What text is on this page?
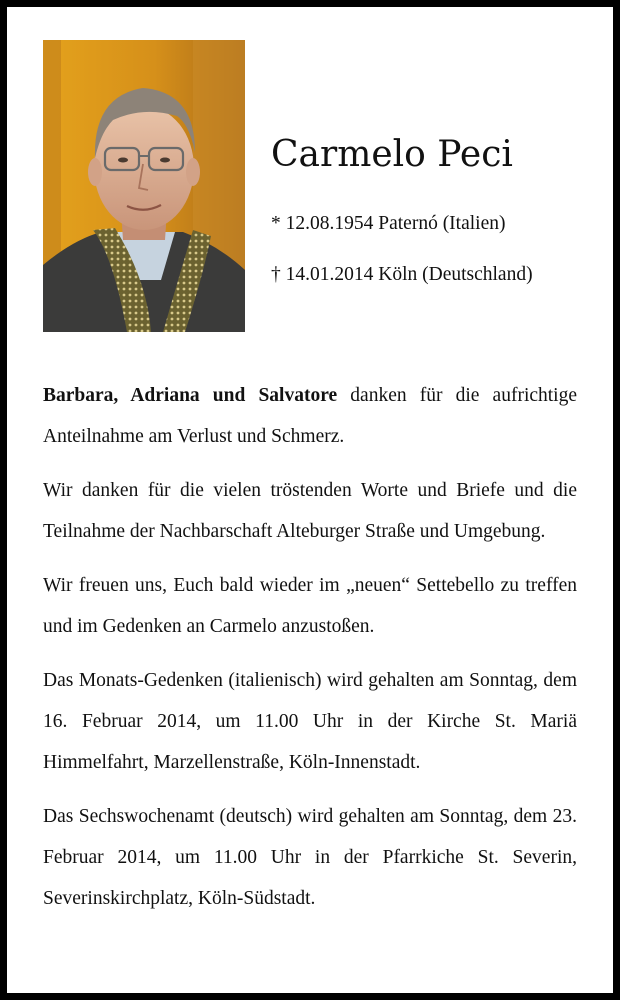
Carmelo Peci
* 12.08.1954 Paternó (Italien)
† 14.01.2014 Köln (Deutschland)

Barbara, Adriana und Salvatore danken für die aufrichtige Anteilnahme am Verlust und Schmerz.

Wir danken für die vielen tröstenden Worte und Briefe und die Teilnahme der Nachbarschaft Alteburger Straße und Umgebung.

Wir freuen uns, Euch bald wieder im „neuen“ Settebello zu treffen und im Gedenken an Carmelo anzustoßen.

Das Monats-Gedenken (italienisch) wird gehalten am Sonntag, dem 16. Februar 2014, um 11.00 Uhr in der Kirche St. Mariä Himmelfahrt, Marzellenstraße, Köln-Innenstadt.

Das Sechswochenamt (deutsch) wird gehalten am Sonntag, dem 23. Februar 2014, um 11.00 Uhr in der Pfarrkiche St. Severin, Severinskirchplatz, Köln-Südstadt.
